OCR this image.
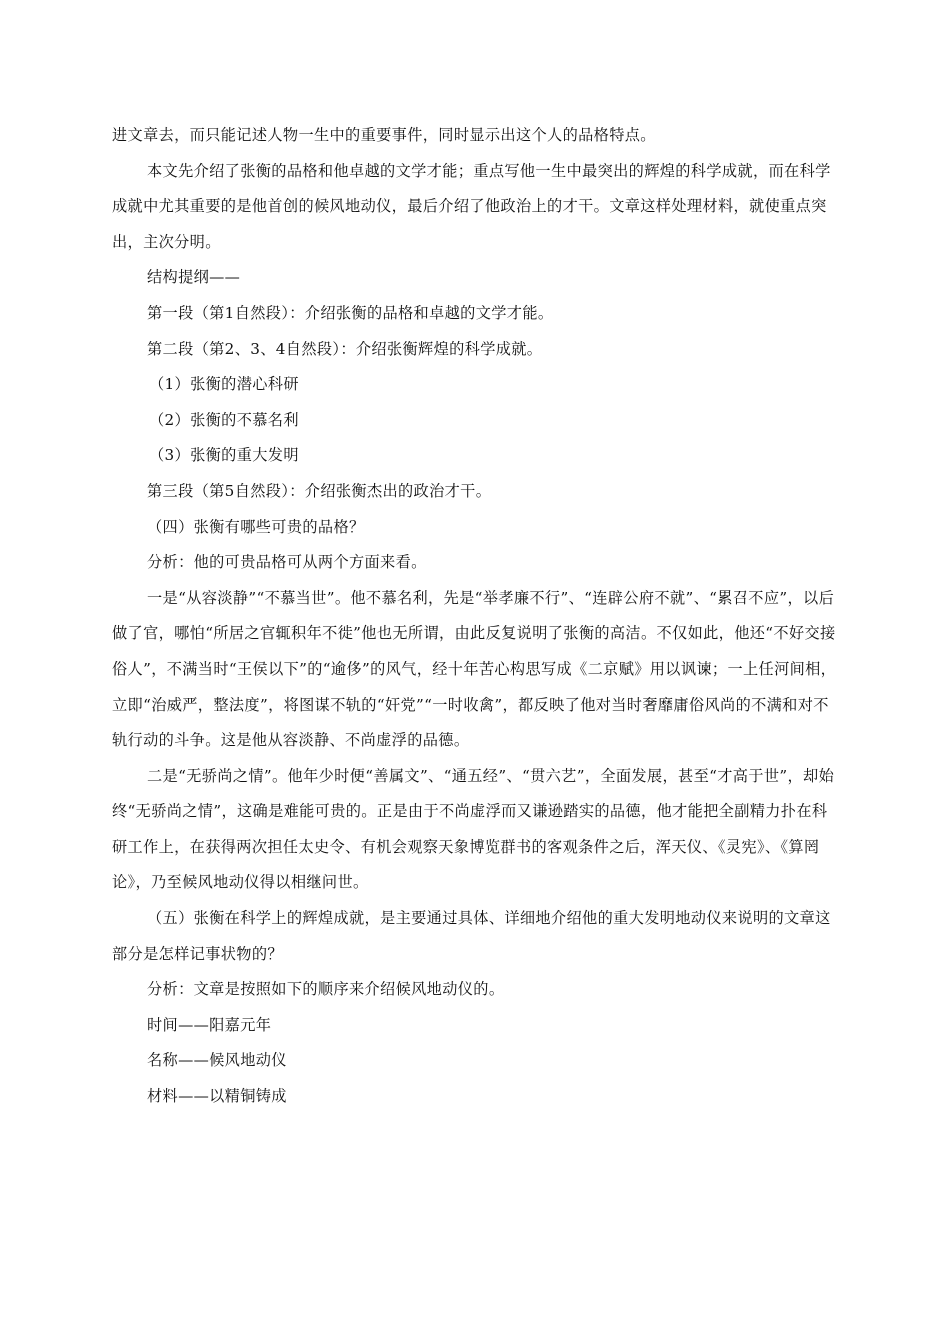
进文章去，而只能记述人物一生中的重要事件，同时显示出这个人的品格特点。

本文先介绍了张衡的品格和他卓越的文学才能；重点写他一生中最突出的辉煌的科学成就，而在科学成就中尤其重要的是他首创的候风地动仪，最后介绍了他政治上的才干。文章这样处理材料，就使重点突出，主次分明。

结构提纲——

第一段（第1自然段）：介绍张衡的品格和卓越的文学才能。

第二段（第2、3、4自然段）：介绍张衡辉煌的科学成就。

（1）张衡的潜心科研

（2）张衡的不慕名利

（3）张衡的重大发明

第三段（第5自然段）：介绍张衡杰出的政治才干。

（四）张衡有哪些可贵的品格？

分析：他的可贵品格可从两个方面来看。

一是“从容淡静”“不慕当世”。他不慕名利，先是“举孝廉不行”、“连辟公府不就”、“累召不应”，以后做了官，哪怕“所居之官辄积年不徙”他也无所谓，由此反复说明了张衡的高洁。不仅如此，他还“不好交接俗人”，不满当时“王侯以下”的“逾侈”的风气，经十年苦心构思写成《二京赋》用以讽谏；一上任河间相，立即“治威严，整法度”，将图谋不轨的“奸党”“一时收禽”，都反映了他对当时奢靡庸俗风尚的不满和对不轨行动的斗争。这是他从容淡静、不尚虚浮的品德。

二是“无骄尚之情”。他年少时便“善属文”、“通五经”、“贯六艺”，全面发展，甚至“才高于世”，却始终“无骄尚之情”，这确是难能可贵的。正是由于不尚虚浮而又谦逊踏实的品德，他才能把全副精力扑在科研工作上，在获得两次担任太史令、有机会观察天象博览群书的客观条件之后，浑天仪、《灵宪》、《算罔论》，乃至候风地动仪得以相继问世。

（五）张衡在科学上的辉煌成就，是主要通过具体、详细地介绍他的重大发明地动仪来说明的文章这部分是怎样记事状物的？

分析：文章是按照如下的顺序来介绍候风地动仪的。

时间——阳嘉元年

名称——候风地动仪

材料——以精铜铸成
